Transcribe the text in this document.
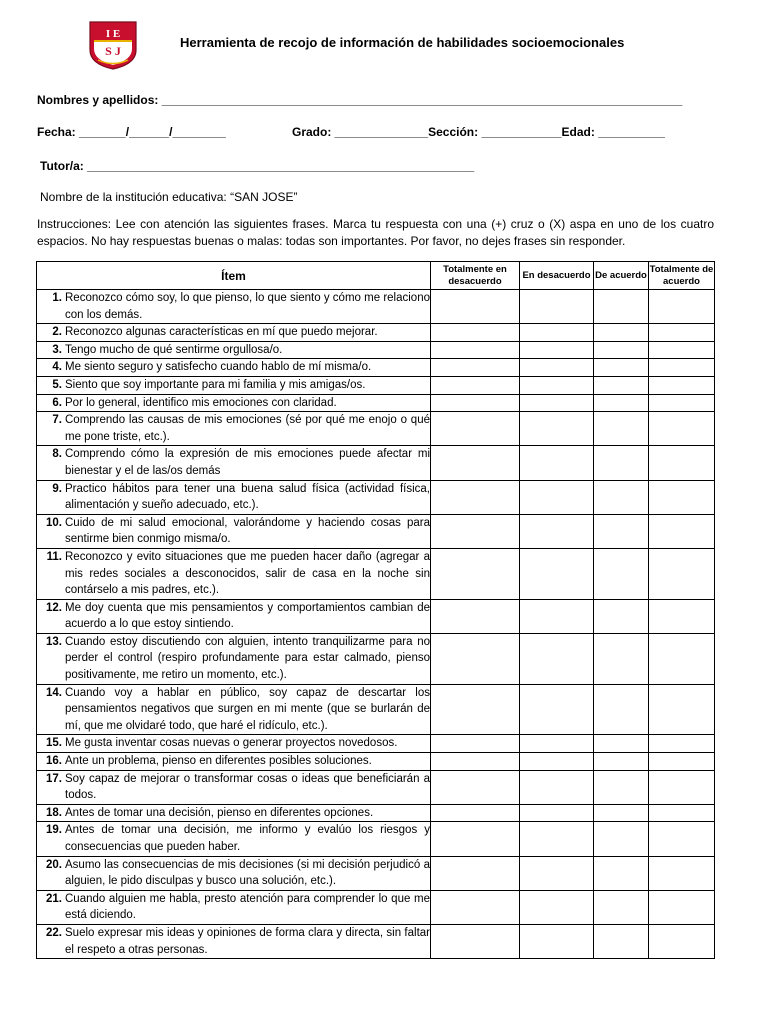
I E
S J
Herramienta de recojo de información de habilidades socioemocionales
Nombres y apellidos: ______________________________________________________________________________
Fecha: _______/______/________	Grado: ______________Sección: ____________Edad: __________
Tutor/a: __________________________________________________________
Nombre de la institución educativa: “SAN JOSE”
Instrucciones: Lee con atención las siguientes frases. Marca tu respuesta con una (+) cruz o (X) aspa en uno de los cuatro espacios. No hay respuestas buenas o malas: todas son importantes. Por favor, no dejes frases sin responder.
Ítem	Totalmente en desacuerdo	En desacuerdo	De acuerdo	Totalmente de acuerdo

1. Reconozco cómo soy, lo que pienso, lo que siento y cómo me relaciono con los demás.				

2. Reconozco algunas características en mí que puedo mejorar.				

3. Tengo mucho de qué sentirme orgullosa/o.				

4. Me siento seguro y satisfecho cuando hablo de mí misma/o.				

5. Siento que soy importante para mi familia y mis amigas/os.				

6. Por lo general, identifico mis emociones con claridad.				

7. Comprendo las causas de mis emociones (sé por qué me enojo o qué me pone triste, etc.).				

8. Comprendo cómo la expresión de mis emociones puede afectar mi bienestar y el de las/os demás				

9. Practico hábitos para tener una buena salud física (actividad física, alimentación y sueño adecuado, etc.).				

10. Cuido de mi salud emocional, valorándome y haciendo cosas para sentirme bien conmigo misma/o.				

11. Reconozco y evito situaciones que me pueden hacer daño (agregar a mis redes sociales a desconocidos, salir de casa en la noche sin contárselo a mis padres, etc.).				

12. Me doy cuenta que mis pensamientos y comportamientos cambian de acuerdo a lo que estoy sintiendo.				

13. Cuando estoy discutiendo con alguien, intento tranquilizarme para no perder el control (respiro profundamente para estar calmado, pienso positivamente, me retiro un momento, etc.).				

14. Cuando voy a hablar en público, soy capaz de descartar los pensamientos negativos que surgen en mi mente (que se burlarán de mí, que me olvidaré todo, que haré el ridículo, etc.).				

15. Me gusta inventar cosas nuevas o generar proyectos novedosos.				

16. Ante un problema, pienso en diferentes posibles soluciones.				

17. Soy capaz de mejorar o transformar cosas o ideas que beneficiarán a todos.				

18. Antes de tomar una decisión, pienso en diferentes opciones.				

19. Antes de tomar una decisión, me informo y evalúo los riesgos y consecuencias que pueden haber.				

20. Asumo las consecuencias de mis decisiones (si mi decisión perjudicó a alguien, le pido disculpas y busco una solución, etc.).				

21. Cuando alguien me habla, presto atención para comprender lo que me está diciendo.				

22. Suelo expresar mis ideas y opiniones de forma clara y directa, sin faltar el respeto a otras personas.				
